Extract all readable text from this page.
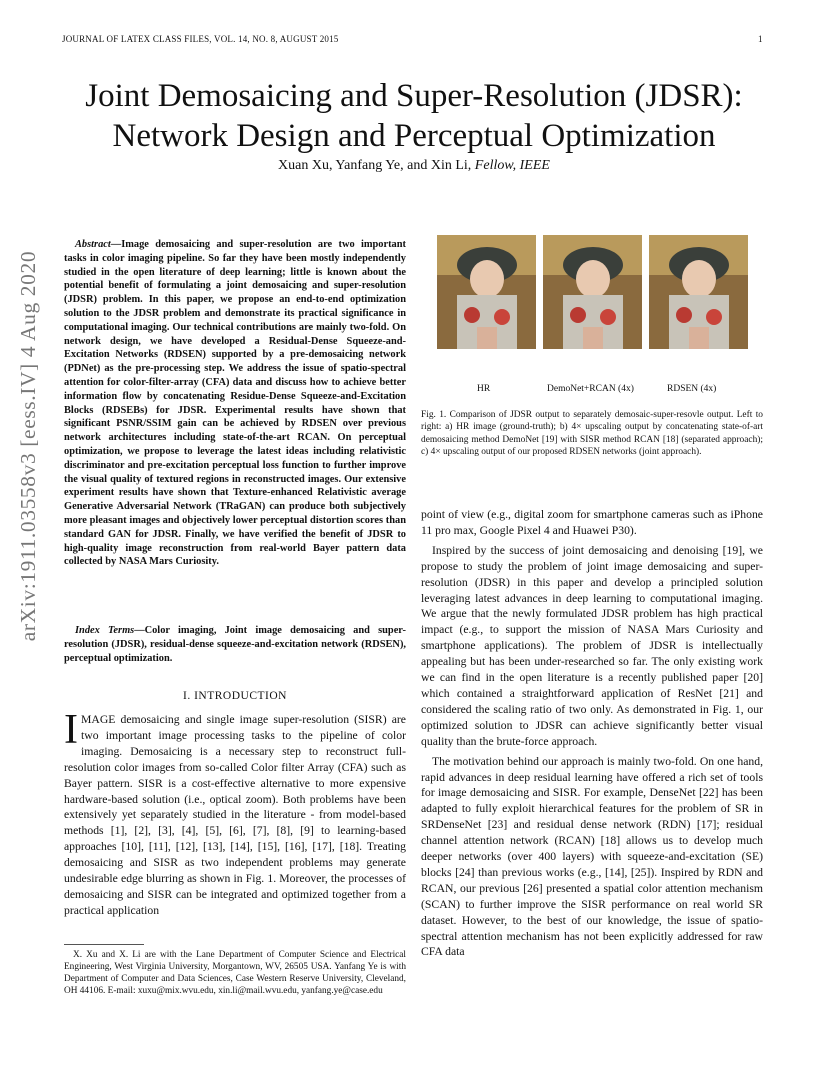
JOURNAL OF LATEX CLASS FILES, VOL. 14, NO. 8, AUGUST 2015	1
Joint Demosaicing and Super-Resolution (JDSR):
Network Design and Perceptual Optimization
Xuan Xu, Yanfang Ye, and Xin Li, Fellow, IEEE
arXiv:1911.03558v3 [eess.IV] 4 Aug 2020
Abstract—Image demosaicing and super-resolution are two important tasks in color imaging pipeline. So far they have been mostly independently studied in the open literature of deep learning; little is known about the potential benefit of formulating a joint demosaicing and super-resolution (JDSR) problem. In this paper, we propose an end-to-end optimization solution to the JDSR problem and demonstrate its practical significance in computational imaging. Our technical contributions are mainly two-fold. On network design, we have developed a Residual-Dense Squeeze-and-Excitation Networks (RDSEN) supported by a pre-demosaicing network (PDNet) as the pre-processing step. We address the issue of spatio-spectral attention for color-filter-array (CFA) data and discuss how to achieve better information flow by concatenating Residue-Dense Squeeze-and-Excitation Blocks (RDSEBs) for JDSR. Experimental results have shown that significant PSNR/SSIM gain can be achieved by RDSEN over previous network architectures including state-of-the-art RCAN. On perceptual optimization, we propose to leverage the latest ideas including relativistic discriminator and pre-excitation perceptual loss function to further improve the visual quality of textured regions in reconstructed images. Our extensive experiment results have shown that Texture-enhanced Relativistic average Generative Adversarial Network (TRaGAN) can produce both subjectively more pleasant images and objectively lower perceptual distortion scores than standard GAN for JDSR. Finally, we have verified the benefit of JDSR to high-quality image reconstruction from real-world Bayer pattern data collected by NASA Mars Curiosity.
Index Terms—Color imaging, Joint image demosaicing and super-resolution (JDSR), residual-dense squeeze-and-excitation network (RDSEN), perceptual optimization.
I. INTRODUCTION
IMAGE demosaicing and single image super-resolution (SISR) are two important image processing tasks to the pipeline of color imaging. Demosaicing is a necessary step to reconstruct full-resolution color images from so-called Color filter Array (CFA) such as Bayer pattern. SISR is a cost-effective alternative to more expensive hardware-based solution (i.e., optical zoom). Both problems have been extensively yet separately studied in the literature - from model-based methods [1], [2], [3], [4], [5], [6], [7], [8], [9] to learning-based approaches [10], [11], [12], [13], [14], [15], [16], [17], [18]. Treating demosaicing and SISR as two independent problems may generate undesirable edge blurring as shown in Fig. 1. Moreover, the processes of demosaicing and SISR can be integrated and optimized together from a practical application
X. Xu and X. Li are with the Lane Department of Computer Science and Electrical Engineering, West Virginia University, Morgantown, WV, 26505 USA. Yanfang Ye is with Department of Computer and Data Sciences, Case Western Reserve University, Cleveland, OH 44106. E-mail: xuxu@mix.wvu.edu, xin.li@mail.wvu.edu, yanfang.ye@case.edu
HR	DemoNet+RCAN (4x)	RDSEN (4x)
Fig. 1. Comparison of JDSR output to separately demosaic-super-resovle output. Left to right: a) HR image (ground-truth); b) 4× upscaling output by concatenating state-of-art demosaicing method DemoNet [19] with SISR method RCAN [18] (separated approach); c) 4× upscaling output of our proposed RDSEN networks (joint approach).

point of view (e.g., digital zoom for smartphone cameras such as iPhone 11 pro max, Google Pixel 4 and Huawei P30).

Inspired by the success of joint demosaicing and denoising [19], we propose to study the problem of joint image demosaicing and super-resolution (JDSR) in this paper and develop a principled solution leveraging latest advances in deep learning to computational imaging. We argue that the newly formulated JDSR problem has high practical impact (e.g., to support the mission of NASA Mars Curiosity and smartphone applications). The problem of JDSR is intellectually appealing but has been under-researched so far. The only existing work we can find in the open literature is a recently published paper [20] which contained a straightforward application of ResNet [21] and considered the scaling ratio of two only. As demonstrated in Fig. 1, our optimized solution to JDSR can achieve significantly better visual quality than the brute-force approach.

The motivation behind our approach is mainly two-fold. On one hand, rapid advances in deep residual learning have offered a rich set of tools for image demosaicing and SISR. For example, DenseNet [22] has been adapted to fully exploit hierarchical features for the problem of SR in SRDenseNet [23] and residual dense network (RDN) [17]; residual channel attention network (RCAN) [18] allows us to develop much deeper networks (over 400 layers) with squeeze-and-excitation (SE) blocks [24] than previous works (e.g., [14], [25]). Inspired by RDN and RCAN, our previous [26] presented a spatial color attention mechanism (SCAN) to further improve the SISR performance on real world SR dataset. However, to the best of our knowledge, the issue of spatio-spectral attention mechanism has not been explicitly addressed for raw CFA data
